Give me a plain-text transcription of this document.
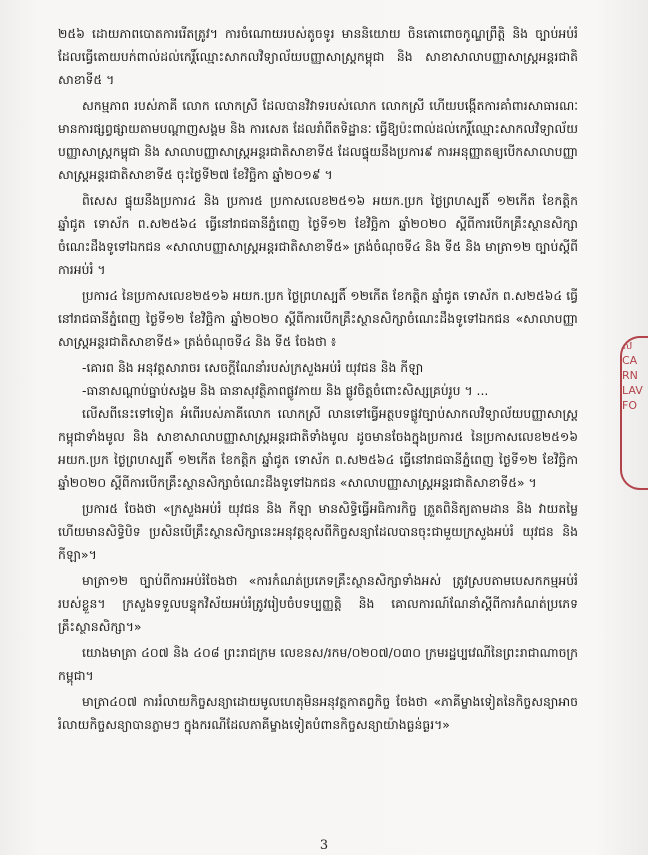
២៥៦ ដោយភាពបោតការរើតត្រូវ។ ការចំណោយរបស់តូចទូរ មាននិយោយ ចិនតោពោចកូណ្ឌព្រឹត្តិ និង ច្បាប់អប់រំ ដែលធ្វើតោយបក់ពាល់ដល់កេរ្តិ៍ឈ្មោះសាកលវិទ្យាល័យបញ្ញាសាស្ត្រកម្ពុជា និង សាខាសាលាបញ្ញាសាស្ត្រអន្តរជាតិសាខាទី៥ ។

សកម្មភាព របស់ភាគី លោក លោកស្រី ដែលបានវិវាទរបស់លោក លោកស្រី ហើយបង្កើតការគាំពារសាធារណៈ មានការផ្សព្វផ្សាយតាមបណ្តាញសង្គម និង ការសេត ដែលរាំពីតទិដ្ឋានៈ ធ្វើឱ្យប៉ះពាល់ដល់កេរ្តិ៍ឈ្មោះសាកលវិទ្យាល័យបញ្ញាសាស្ត្រកម្ពុជា និង សាលាបញ្ញាសាស្ត្រអន្តរជាតិសាខាទី៥ ដែលផ្ទុយនឹងប្រការ៩ ការអនុញ្ញាតឲ្យបើកសាលាបញ្ញាសាស្ត្រអន្តរជាតិសាខាទី៥ ចុះថ្ងៃទី២៧ ខែវិច្ឆិកា ឆ្នាំ២០១៩ ។

ពិសេស ផ្ទុយនឹងប្រការ៤ និង ប្រការ៥ ប្រកាសលេខ២៥១៦ អយក.ប្រក ថ្ងៃព្រហស្បតិ៍ ១២កើត ខែកត្តិក ឆ្នាំជូត ទោស័ក ព.ស២៥៦៤ ធ្វើនៅរាជធានីភ្នំពេញ ថ្ងៃទី១២ ខែវិច្ឆិកា ឆ្នាំ២០២០ ស្តីពីការបើកគ្រឹះស្ថានសិក្សាចំណេះដឹងទូទៅឯកជន «សាលាបញ្ញាសាស្ត្រអន្តរជាតិសាខាទី៥» ត្រង់ចំណុចទី៤ និង ទី៥ និង មាត្រា១២ ច្បាប់ស្តីពីការអប់រំ ។

ប្រការ៤ នៃប្រកាសលេខ២៥១៦ អយក.ប្រក ថ្ងៃព្រហស្បតិ៍ ១២កើត ខែកត្តិក ឆ្នាំជូត ទោស័ក ព.ស២៥៦៤ ធ្វើនៅរាជធានីភ្នំពេញ ថ្ងៃទី១២ ខែវិច្ឆិកា ឆ្នាំ២០២០ ស្តីពីការបើកគ្រឹះស្ថានសិក្សាចំណេះដឹងទូទៅឯកជន «សាលាបញ្ញាសាស្ត្រអន្តរជាតិសាខាទី៥» ត្រង់ចំណុចទី៤ និង ទី៥ ចែងថា ៖

-គោរព និង អនុវត្តសារាចរ សេចក្តីណែនាំរបស់ក្រសួងអប់រំ យុវជន និង កីឡា

-ធានាសណ្តាប់ធ្នាប់សង្គម និង ធានាសុវត្ថិភាពផ្លូវកាយ និង ផ្លូវចិត្តចំពោះសិស្សគ្រប់រូប ។ ...

លើសពីនេះទៅទៀត អំពើរបស់ភាគីលោក លោកស្រី លានទៅធ្វើអត្ថបទផ្លូវច្បាប់សាកលវិទ្យាល័យបញ្ញាសាស្ត្រកម្ពុជាទាំងមូល និង សាខាសាលាបញ្ញាសាស្ត្រអន្តរជាតិទាំងមូល ដូចមានចែងក្នុងប្រការ៥ នៃប្រកាសលេខ២៥១៦ អយក.ប្រក ថ្ងៃព្រហស្បតិ៍ ១២កើត ខែកត្តិក ឆ្នាំជូត ទោស័ក ព.ស២៥៦៤ ធ្វើនៅរាជធានីភ្នំពេញ ថ្ងៃទី១២ ខែវិច្ឆិកា ឆ្នាំ២០២០ ស្តីពីការបើកគ្រឹះស្ថានសិក្សាចំណេះដឹងទូទៅឯកជន «សាលាបញ្ញាសាស្ត្រអន្តរជាតិសាខាទី៥» ។

ប្រការ៥ ចែងថា «ក្រសួងអប់រំ យុវជន និង កីឡា មានសិទ្ធិធ្វើអធិការកិច្ច ត្រួតពិនិត្យតាមដាន និង វាយតម្លៃ ហើយមានសិទ្ធិបិទ ប្រសិនបើគ្រឹះស្ថានសិក្សានេះអនុវត្តខុសពីកិច្ចសន្យាដែលបានចុះជាមួយក្រសួងអប់រំ យុវជន និង កីឡា»។

មាត្រា១២ ច្បាប់ពីការអប់រំចែងថា «ការកំណត់ប្រភេទគ្រឹះស្ថានសិក្សាទាំងអស់ ត្រូវស្របតាមបេសកកម្មអប់រំរបស់ខ្លួន។ ក្រសួងទទួលបន្ទុកវិស័យអប់រំត្រូវរៀបចំបទប្បញ្ញត្តិ និង គោលការណ៍ណែនាំស្តីពីការកំណត់ប្រភេទគ្រឹះស្ថានសិក្សា។»

យោងមាត្រា ៤០៧ និង ៤០៨ ព្រះរាជក្រម លេខនស/រកម/០២០៧/០៣០ ក្រមរដ្ឋប្បវេណីនៃព្រះរាជាណាចក្រកម្ពុជា។

មាត្រា៤០៧ ការរំលាយកិច្ចសន្យាដោយមូលហេតុមិនអនុវត្តកាតព្វកិច្ច ចែងថា «ភាគីម្ខាងទៀតនៃកិច្ចសន្យាអាចរំលាយកិច្ចសន្យាបានភ្លាមៗ ក្នុងករណីដែលភាគីម្ខាងទៀតបំពានកិច្ចសន្យាយ៉ាងធ្ងន់ធ្ងរ។»

ស
CA
RN
LAV
FO
3
